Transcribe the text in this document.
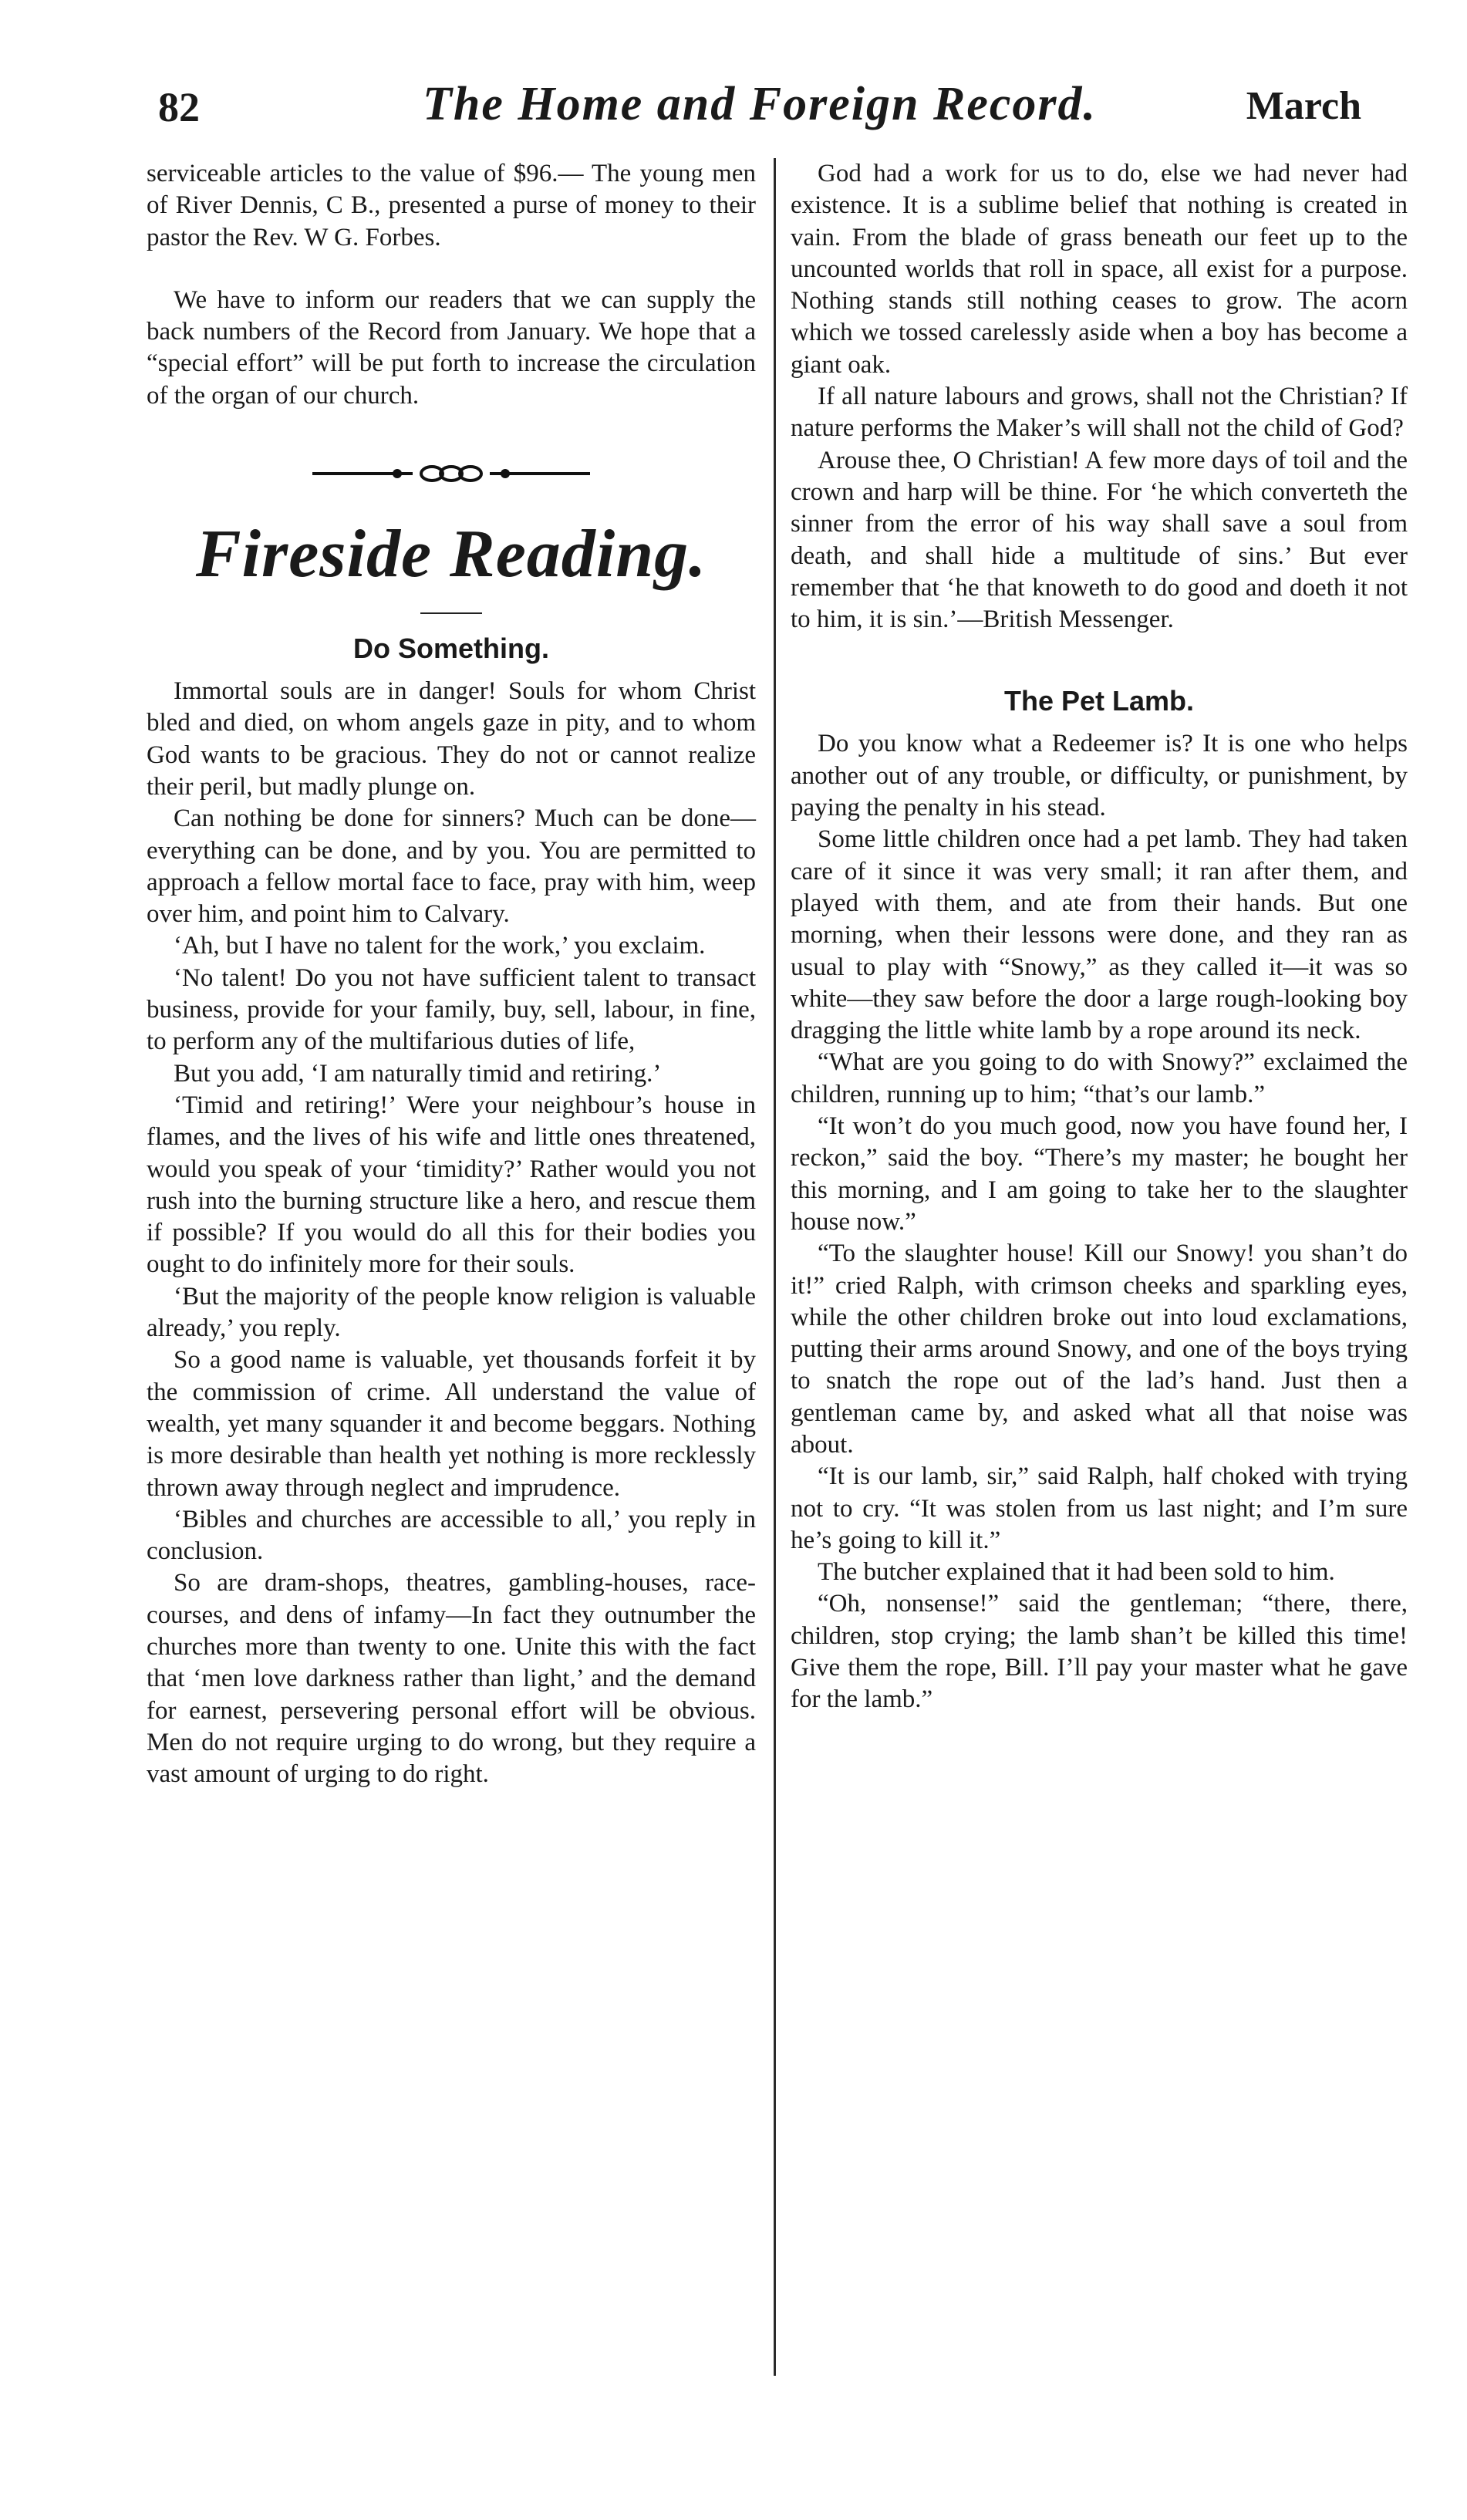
82	The Home and Foreign Record.	March

serviceable articles to the value of $96.— The young men of River Dennis, C B., presented a purse of money to their pastor the Rev. W G. Forbes.

We have to inform our readers that we can supply the back numbers of the Record from January. We hope that a “special effort” will be put forth to increase the circulation of the organ of our church.

Fireside Reading.
Do Something.

Immortal souls are in danger! Souls for whom Christ bled and died, on whom angels gaze in pity, and to whom God wants to be gracious. They do not or cannot realize their peril, but madly plunge on.

Can nothing be done for sinners? Much can be done—everything can be done, and by you. You are permitted to approach a fellow mortal face to face, pray with him, weep over him, and point him to Calvary.

‘Ah, but I have no talent for the work,’ you exclaim.

‘No talent! Do you not have sufficient talent to transact business, provide for your family, buy, sell, labour, in fine, to perform any of the multifarious duties of life,

But you add, ‘I am naturally timid and retiring.’

‘Timid and retiring!’ Were your neighbour’s house in flames, and the lives of his wife and little ones threatened, would you speak of your ‘timidity?’ Rather would you not rush into the burning structure like a hero, and rescue them if possible? If you would do all this for their bodies you ought to do infinitely more for their souls.

‘But the majority of the people know religion is valuable already,’ you reply.

So a good name is valuable, yet thousands forfeit it by the commission of crime. All understand the value of wealth, yet many squander it and become beggars. Nothing is more desirable than health yet nothing is more recklessly thrown away through neglect and imprudence.

‘Bibles and churches are accessible to all,’ you reply in conclusion.

So are dram-shops, theatres, gambling-houses, race-courses, and dens of infamy—In fact they outnumber the churches more than twenty to one. Unite this with the fact that ‘men love darkness rather than light,’ and the demand for earnest, persevering personal effort will be obvious. Men do not require urging to do wrong, but they require a vast amount of urging to do right.

God had a work for us to do, else we had never had existence. It is a sublime belief that nothing is created in vain. From the blade of grass beneath our feet up to the uncounted worlds that roll in space, all exist for a purpose. Nothing stands still nothing ceases to grow. The acorn which we tossed carelessly aside when a boy has become a giant oak.

If all nature labours and grows, shall not the Christian? If nature performs the Maker’s will shall not the child of God?

Arouse thee, O Christian! A few more days of toil and the crown and harp will be thine. For ‘he which converteth the sinner from the error of his way shall save a soul from death, and shall hide a multitude of sins.’ But ever remember that ‘he that knoweth to do good and doeth it not to him, it is sin.’—British Messenger.

The Pet Lamb.

Do you know what a Redeemer is? It is one who helps another out of any trouble, or difficulty, or punishment, by paying the penalty in his stead.

Some little children once had a pet lamb. They had taken care of it since it was very small; it ran after them, and played with them, and ate from their hands. But one morning, when their lessons were done, and they ran as usual to play with “Snowy,” as they called it—it was so white—they saw before the door a large rough-looking boy dragging the little white lamb by a rope around its neck.

“What are you going to do with Snowy?” exclaimed the children, running up to him; “that’s our lamb.”

“It won’t do you much good, now you have found her, I reckon,” said the boy. “There’s my master; he bought her this morning, and I am going to take her to the slaughter house now.”

“To the slaughter house! Kill our Snowy! you shan’t do it!” cried Ralph, with crimson cheeks and sparkling eyes, while the other children broke out into loud exclamations, putting their arms around Snowy, and one of the boys trying to snatch the rope out of the lad’s hand. Just then a gentleman came by, and asked what all that noise was about.

“It is our lamb, sir,” said Ralph, half choked with trying not to cry. “It was stolen from us last night; and I’m sure he’s going to kill it.”

The butcher explained that it had been sold to him.

“Oh, nonsense!” said the gentleman; “there, there, children, stop crying; the lamb shan’t be killed this time! Give them the rope, Bill. I’ll pay your master what he gave for the lamb.”
